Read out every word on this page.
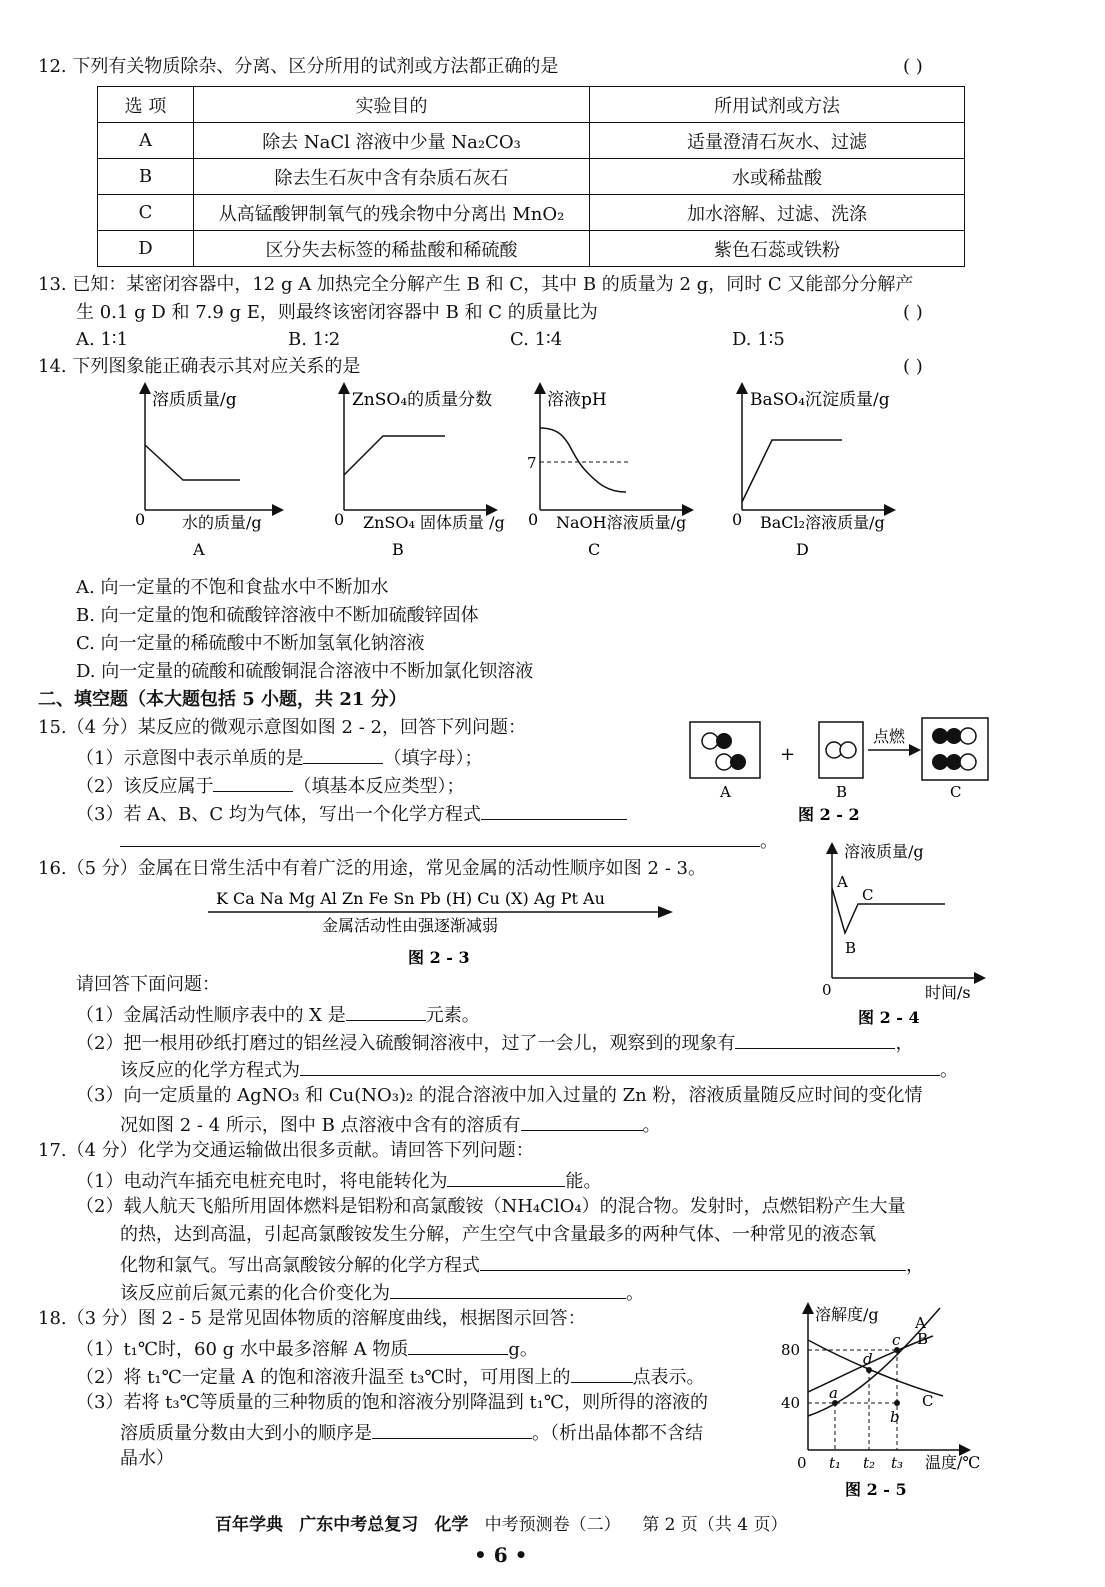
12. 下列有关物质除杂、分离、区分所用的试剂或方法都正确的是	( )
选 项	实验目的	所用试剂或方法
A	除去 NaCl 溶液中少量 Na₂CO₃	适量澄清石灰水、过滤
B	除去生石灰中含有杂质石灰石	水或稀盐酸
C	从高锰酸钾制氧气的残余物中分离出 MnO₂	加水溶解、过滤、洗涤
D	区分失去标签的稀盐酸和稀硫酸	紫色石蕊或铁粉
13. 已知：某密闭容器中，12 g A 加热完全分解产生 B 和 C，其中 B 的质量为 2 g，同时 C 又能部分分解产
生 0.1 g D 和 7.9 g E，则最终该密闭容器中 B 和 C 的质量比为	( )
A. 1∶1	B. 1∶2	C. 1∶4	D. 1∶5
14. 下列图象能正确表示其对应关系的是	( )
溶质质量/g
0 水的质量/g
A
ZnSO₄的质量分数
0 ZnSO₄ 固体质量 /g
B
溶液pH
7
0 NaOH溶液质量/g
C
BaSO₄沉淀质量/g
0 BaCl₂溶液质量/g
D
A. 向一定量的不饱和食盐水中不断加水
B. 向一定量的饱和硫酸锌溶液中不断加硫酸锌固体
C. 向一定量的稀硫酸中不断加氢氧化钠溶液
D. 向一定量的硫酸和硫酸铜混合溶液中不断加氯化钡溶液
二、填空题（本大题包括 5 小题，共 21 分）
15.（4 分）某反应的微观示意图如图 2 - 2，回答下列问题：
（1）示意图中表示单质的是	（填字母）；
（2）该反应属于	（填基本反应类型）；
（3）若 A、B、C 均为气体，写出一个化学方程式
。
+
点燃
A	B	C
图 2 - 2
16.（5 分）金属在日常生活中有着广泛的用途，常见金属的活动性顺序如图 2 - 3。
K Ca Na Mg Al Zn Fe Sn Pb (H) Cu (X) Ag Pt Au
金属活动性由强逐渐减弱
图 2 - 3
请回答下面问题：
（1）金属活动性顺序表中的 X 是	元素。
（2）把一根用砂纸打磨过的铝丝浸入硫酸铜溶液中，过了一会儿，观察到的现象有	，
该反应的化学方程式为	。
（3）向一定质量的 AgNO₃ 和 Cu(NO₃)₂ 的混合溶液中加入过量的 Zn 粉，溶液质量随反应时间的变化情
况如图 2 - 4 所示，图中 B 点溶液中含有的溶质有	。
溶液质量/g
A
B
C
0	时间/s
图 2 - 4
17.（4 分）化学为交通运输做出很多贡献。请回答下列问题：
（1）电动汽车插充电桩充电时，将电能转化为	能。
（2）载人航天飞船所用固体燃料是铝粉和高氯酸铵（NH₄ClO₄）的混合物。发射时，点燃铝粉产生大量
的热，达到高温，引起高氯酸铵发生分解，产生空气中含量最多的两种气体、一种常见的液态氧
化物和氯气。写出高氯酸铵分解的化学方程式	，
该反应前后氮元素的化合价变化为	。
18.（3 分）图 2 - 5 是常见固体物质的溶解度曲线，根据图示回答：
（1）t₁℃时，60 g 水中最多溶解 A 物质	g。
（2）将 t₁℃一定量 A 的饱和溶液升温至 t₃℃时，可用图上的	点表示。
（3）若将 t₃℃等质量的三种物质的饱和溶液分别降温到 t₁℃，则所得的溶液的
溶质质量分数由大到小的顺序是	。（析出晶体都不含结
晶水）
溶解度/g A
B
C
80
40
a
b
c
d
0 t₁ t₂ t₃ 温度/℃
图 2 - 5
百年学典 广东中考总复习 化学 中考预测卷（二） 第 2 页（共 4 页）
• 6 •
